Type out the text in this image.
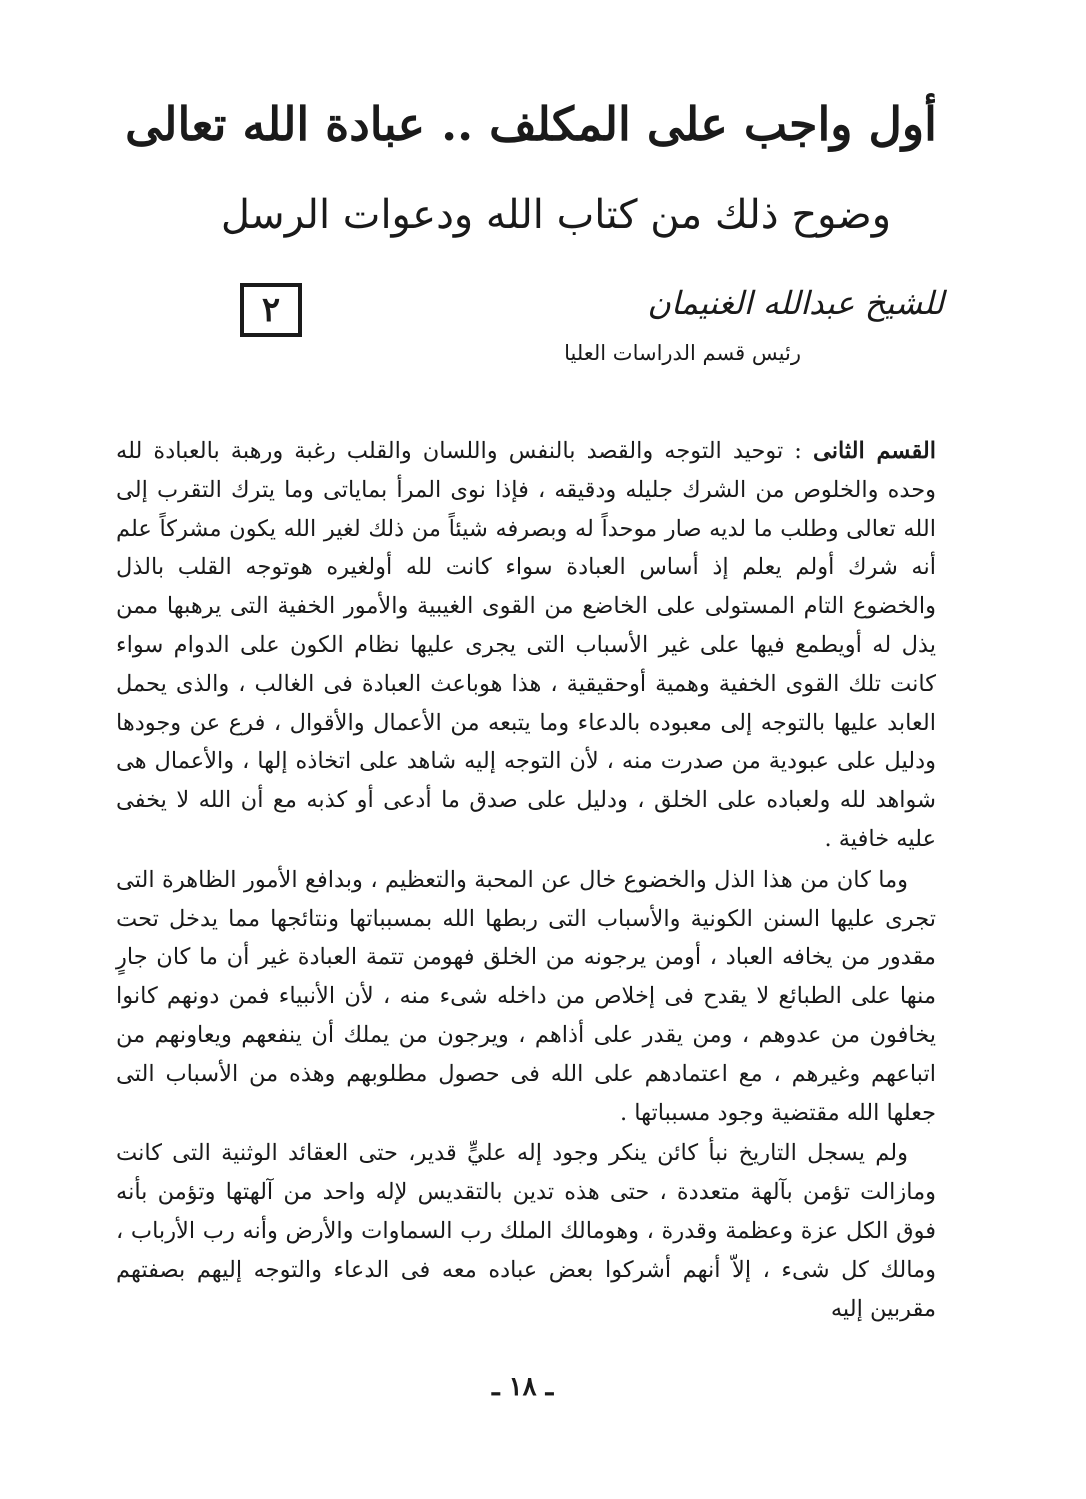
أول واجب على المكلف .. عبادة الله تعالى
وضوح ذلك من كتاب الله ودعوات الرسل
٢	للشيخ عبدالله الغنيمان
رئيس قسم الدراسات العليا

القسم الثانى : توحيد التوجه والقصد بالنفس واللسان والقلب رغبة ورهبة بالعبادة لله وحده والخلوص من الشرك جليله ودقيقه ، فإذا نوى المرأ بماياتى وما يترك التقرب إلى الله تعالى وطلب ما لديه صار موحداً له وبصرفه شيئاً من ذلك لغير الله يكون مشركاً علم أنه شرك أولم يعلم إذ أساس العبادة سواء كانت لله أولغيره هوتوجه القلب بالذل والخضوع التام المستولى على الخاضع من القوى الغيبية والأمور الخفية التى يرهبها ممن يذل له أويطمع فيها على غير الأسباب التى يجرى عليها نظام الكون على الدوام سواء كانت تلك القوى الخفية وهمية أوحقيقية ، هذا هوباعث العبادة فى الغالب ، والذى يحمل العابد عليها بالتوجه إلى معبوده بالدعاء وما يتبعه من الأعمال والأقوال ، فرع عن وجودها ودليل على عبودية من صدرت منه ، لأن التوجه إليه شاهد على اتخاذه إلها ، والأعمال هى شواهد لله ولعباده على الخلق ، ودليل على صدق ما أدعى أو كذبه مع أن الله لا يخفى عليه خافية .

وما كان من هذا الذل والخضوع خال عن المحبة والتعظيم ، وبدافع الأمور الظاهرة التى تجرى عليها السنن الكونية والأسباب التى ربطها الله بمسبباتها ونتائجها مما يدخل تحت مقدور من يخافه العباد ، أومن يرجونه من الخلق فهومن تتمة العبادة غير أن ما كان جارٍ منها على الطبائع لا يقدح فى إخلاص من داخله شىء منه ، لأن الأنبياء فمن دونهم كانوا يخافون من عدوهم ، ومن يقدر على أذاهم ، ويرجون من يملك أن ينفعهم ويعاونهم من اتباعهم وغيرهم ، مع اعتمادهم على الله فى حصول مطلوبهم وهذه من الأسباب التى جعلها الله مقتضية وجود مسبباتها .

ولم يسجل التاريخ نبأ كائن ينكر وجود إله عليٍّ قدير، حتى العقائد الوثنية التى كانت ومازالت تؤمن بآلهة متعددة ، حتى هذه تدين بالتقديس لإله واحد من آلهتها وتؤمن بأنه فوق الكل عزة وعظمة وقدرة ، وهومالك الملك رب السماوات والأرض وأنه رب الأرباب ، ومالك كل شىء ، إلاّ أنهم أشركوا بعض عباده معه فى الدعاء والتوجه إليهم بصفتهم مقربين إليه

ـ ١٨ ـ
